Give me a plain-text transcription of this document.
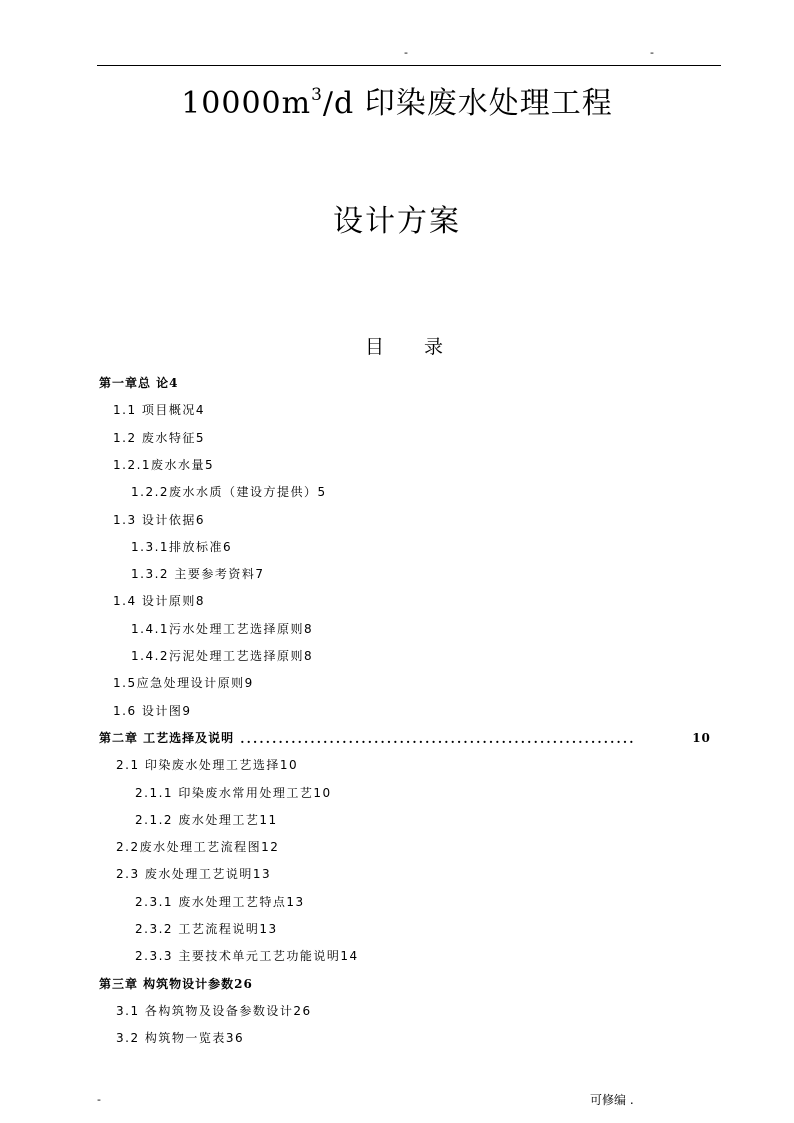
-	-
$10000m^3/d$ 印染废水处理工程
设计方案
目 录
第一章总 论4
1.1 项目概况4
1.2 废水特征5
1.2.1废水水量5
1.2.2废水水质（建设方提供）5
1.3 设计依据6
1.3.1排放标准6
1.3.2 主要参考资料7
1.4 设计原则8
1.4.1污水处理工艺选择原则8
1.4.2污泥处理工艺选择原则8
1.5应急处理设计原则9
1.6 设计图9
第二章 工艺选择及说明 ..............................................................	10
2.1 印染废水处理工艺选择10
2.1.1 印染废水常用处理工艺10
2.1.2 废水处理工艺11
2.2废水处理工艺流程图12
2.3 废水处理工艺说明13
2.3.1 废水处理工艺特点13
2.3.2 工艺流程说明13
2.3.3 主要技术单元工艺功能说明14
第三章 构筑物设计参数26
3.1 各构筑物及设备参数设计26
3.2 构筑物一览表36
-	可修编 .
